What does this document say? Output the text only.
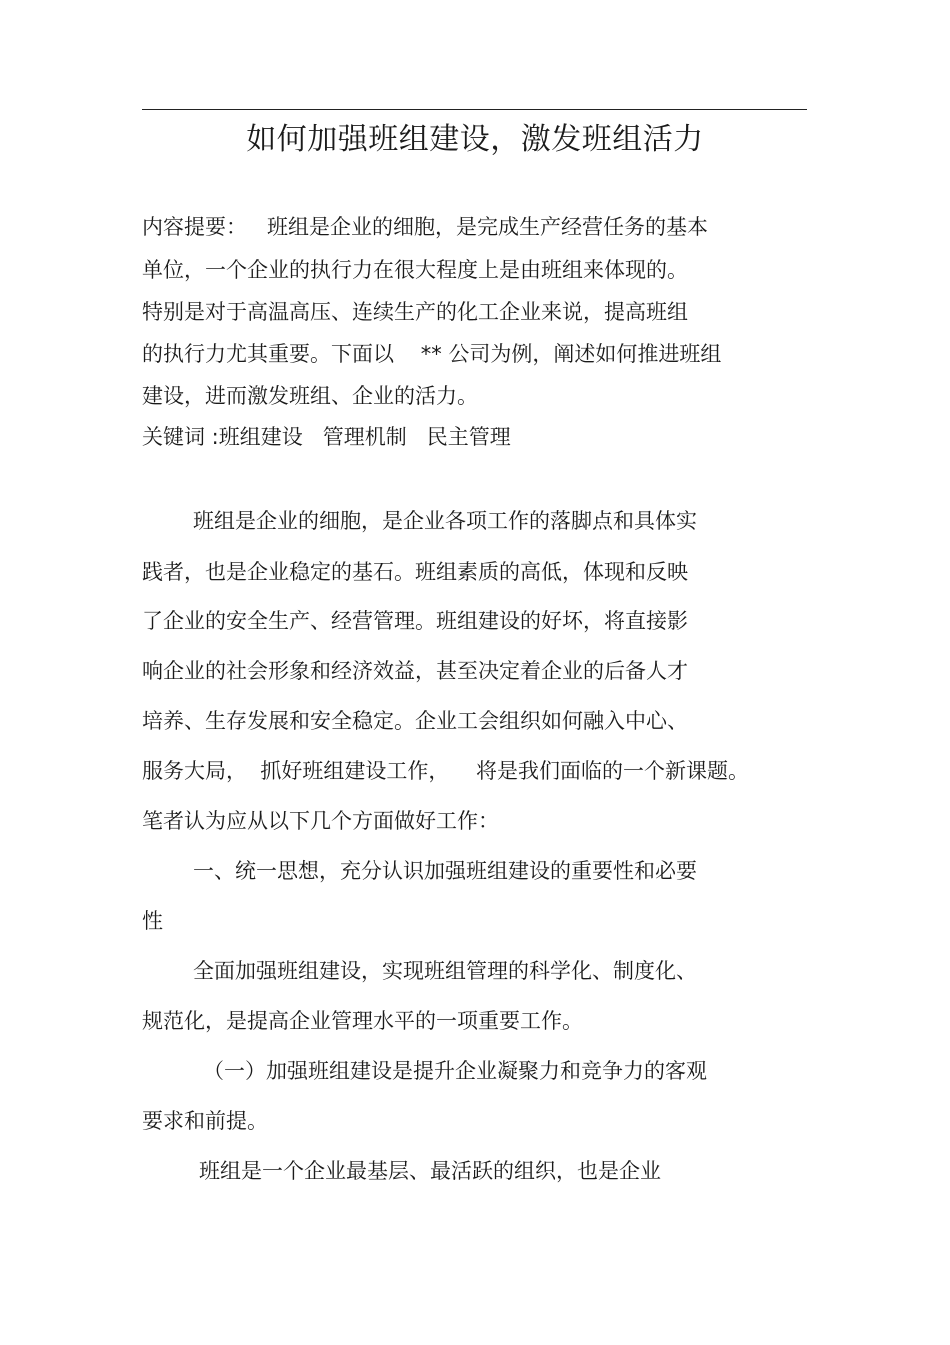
如何加强班组建设，激发班组活力
内容提要：   班组是企业的细胞，是完成生产经营任务的基本
单位，一个企业的执行力在很大程度上是由班组来体现的。
特别是对于高温高压、连续生产的化工企业来说，提高班组
的执行力尤其重要。下面以    ** 公司为例，阐述如何推进班组
建设，进而激发班组、企业的活力。
关键词 :班组建设   管理机制   民主管理
班组是企业的细胞，是企业各项工作的落脚点和具体实
践者，也是企业稳定的基石。班组素质的高低，体现和反映
了企业的安全生产、经营管理。班组建设的好坏，将直接影
响企业的社会形象和经济效益，甚至决定着企业的后备人才
培养、生存发展和安全稳定。企业工会组织如何融入中心、
服务大局，  抓好班组建设工作，    将是我们面临的一个新课题。
笔者认为应从以下几个方面做好工作：
一、统一思想，充分认识加强班组建设的重要性和必要
性
全面加强班组建设，实现班组管理的科学化、制度化、
规范化，是提高企业管理水平的一项重要工作。
（一）加强班组建设是提升企业凝聚力和竞争力的客观
要求和前提。
班组是一个企业最基层、最活跃的组织，也是企业
